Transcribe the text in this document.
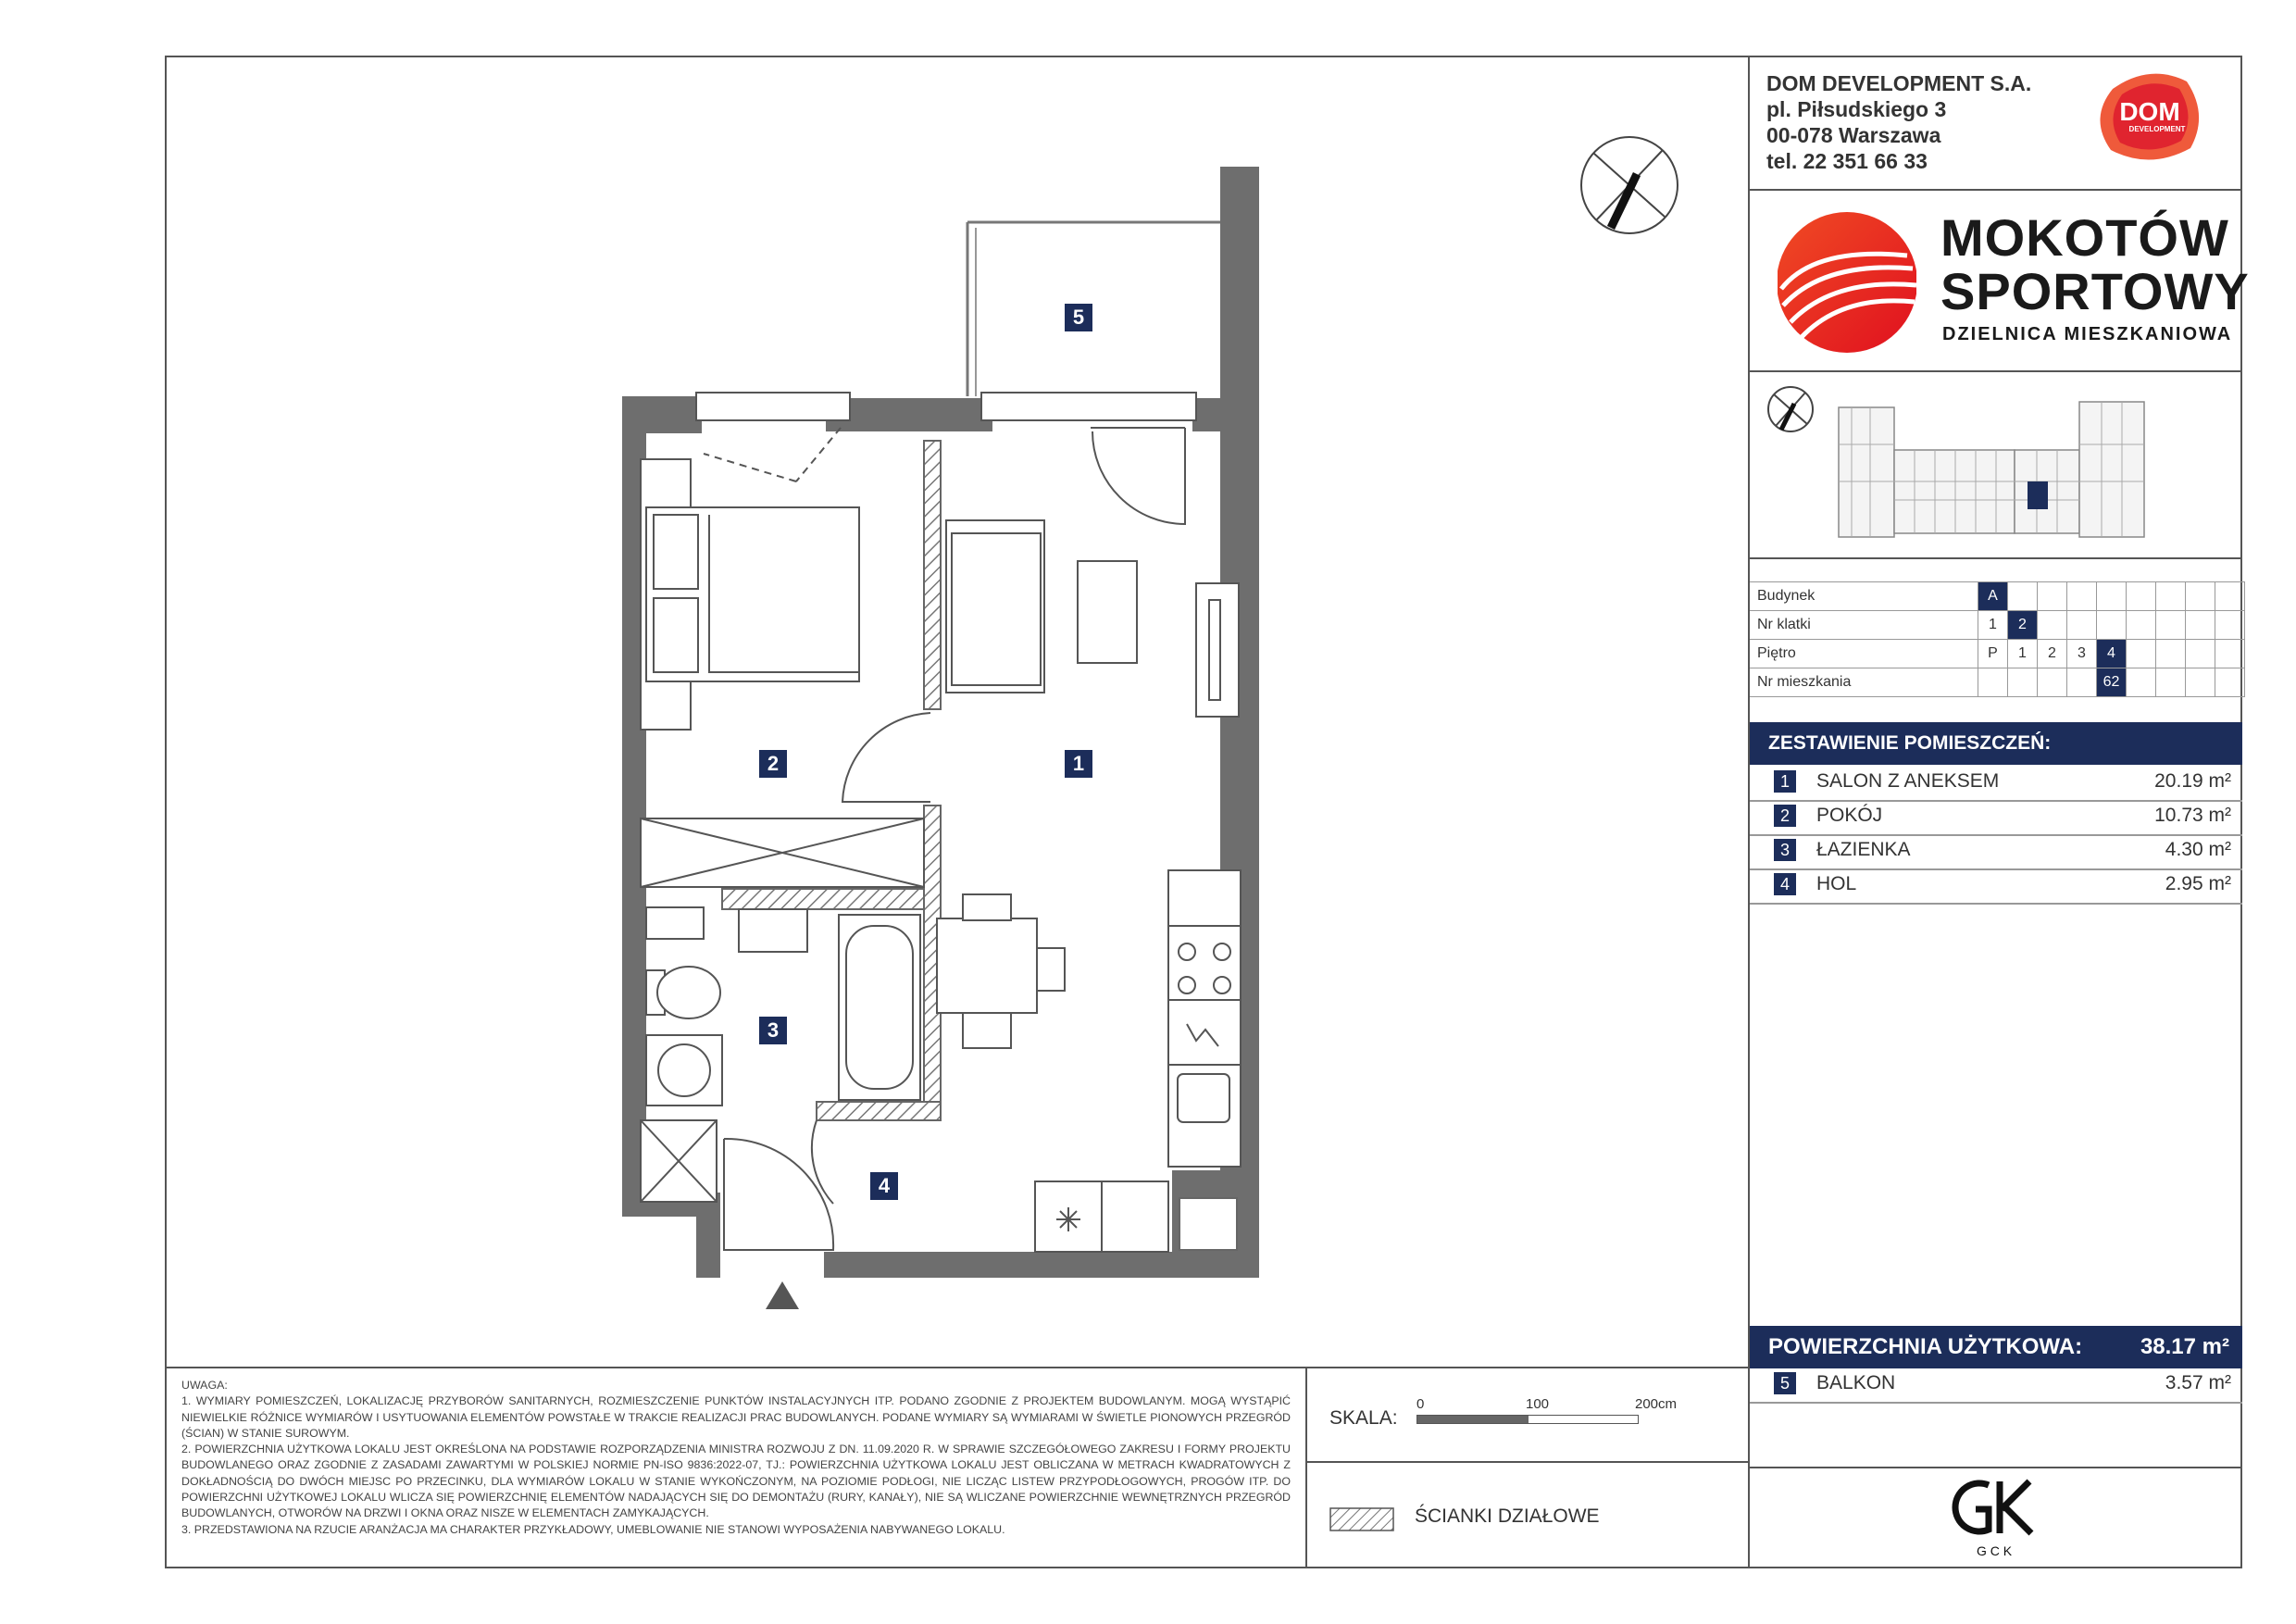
1
2
3
4
5
DOM DEVELOPMENT S.A.
pl. Piłsudskiego 3
00-078 Warszawa
tel. 22 351 66 33
DOM
DEVELOPMENT
MOKOTÓW
SPORTOWY
DZIELNICA MIESZKANIOWA
Budynek	A								
Nr klatki	1	2							
Piętro	P	1	2	3	4				
Nr mieszkania					62				
ZESTAWIENIE POMIESZCZEŃ:
1	SALON Z ANEKSEM	20.19 m²
2	POKÓJ	10.73 m²
3	ŁAZIENKA	4.30 m²
4	HOL	2.95 m²
POWIERZCHNIA UŻYTKOWA:	38.17 m²
5	BALKON	3.57 m²
UWAGA:
1. WYMIARY POMIESZCZEŃ, LOKALIZACJĘ PRZYBORÓW SANITARNYCH, ROZMIESZCZENIE PUNKTÓW INSTALACYJNYCH ITP. PODANO ZGODNIE Z PROJEKTEM BUDOWLANYM. MOGĄ WYSTĄPIĆ NIEWIELKIE RÓŻNICE WYMIARÓW I USYTUOWANIA ELEMENTÓW POWSTAŁE W TRAKCIE REALIZACJI PRAC BUDOWLANYCH. PODANE WYMIARY SĄ WYMIARAMI W ŚWIETLE PIONOWYCH PRZEGRÓD (ŚCIAN) W STANIE SUROWYM.
2. POWIERZCHNIA UŻYTKOWA LOKALU JEST OKREŚLONA NA PODSTAWIE ROZPORZĄDZENIA MINISTRA ROZWOJU Z DN. 11.09.2020 R. W SPRAWIE SZCZEGÓŁOWEGO ZAKRESU I FORMY PROJEKTU BUDOWLANEGO ORAZ ZGODNIE Z ZASADAMI ZAWARTYMI W POLSKIEJ NORMIE PN-ISO 9836:2022-07, TJ.: POWIERZCHNIA UŻYTKOWA LOKALU JEST OBLICZANA W METRACH KWADRATOWYCH Z DOKŁADNOŚCIĄ DO DWÓCH MIEJSC PO PRZECINKU, DLA WYMIARÓW LOKALU W STANIE WYKOŃCZONYM, NA POZIOMIE PODŁOGI, NIE LICZĄC LISTEW PRZYPODŁOGOWYCH, PROGÓW ITP. DO POWIERZCHNI UŻYTKOWEJ LOKALU WLICZA SIĘ POWIERZCHNIĘ ELEMENTÓW NADAJĄCYCH SIĘ DO DEMONTAŻU (RURY, KANAŁY), NIE SĄ WLICZANE POWIERZCHNIE WEWNĘTRZNYCH PRZEGRÓD BUDOWLANYCH, OTWORÓW NA DRZWI I OKNA ORAZ NISZE W ELEMENTACH ZAMYKAJĄCYCH.
3. PRZEDSTAWIONA NA RZUCIE ARANŻACJA MA CHARAKTER PRZYKŁADOWY, UMEBLOWANIE NIE STANOWI WYPOSAŻENIA NABYWANEGO LOKALU.
SKALA:
0	100	200cm
ŚCIANKI DZIAŁOWE
G C K
